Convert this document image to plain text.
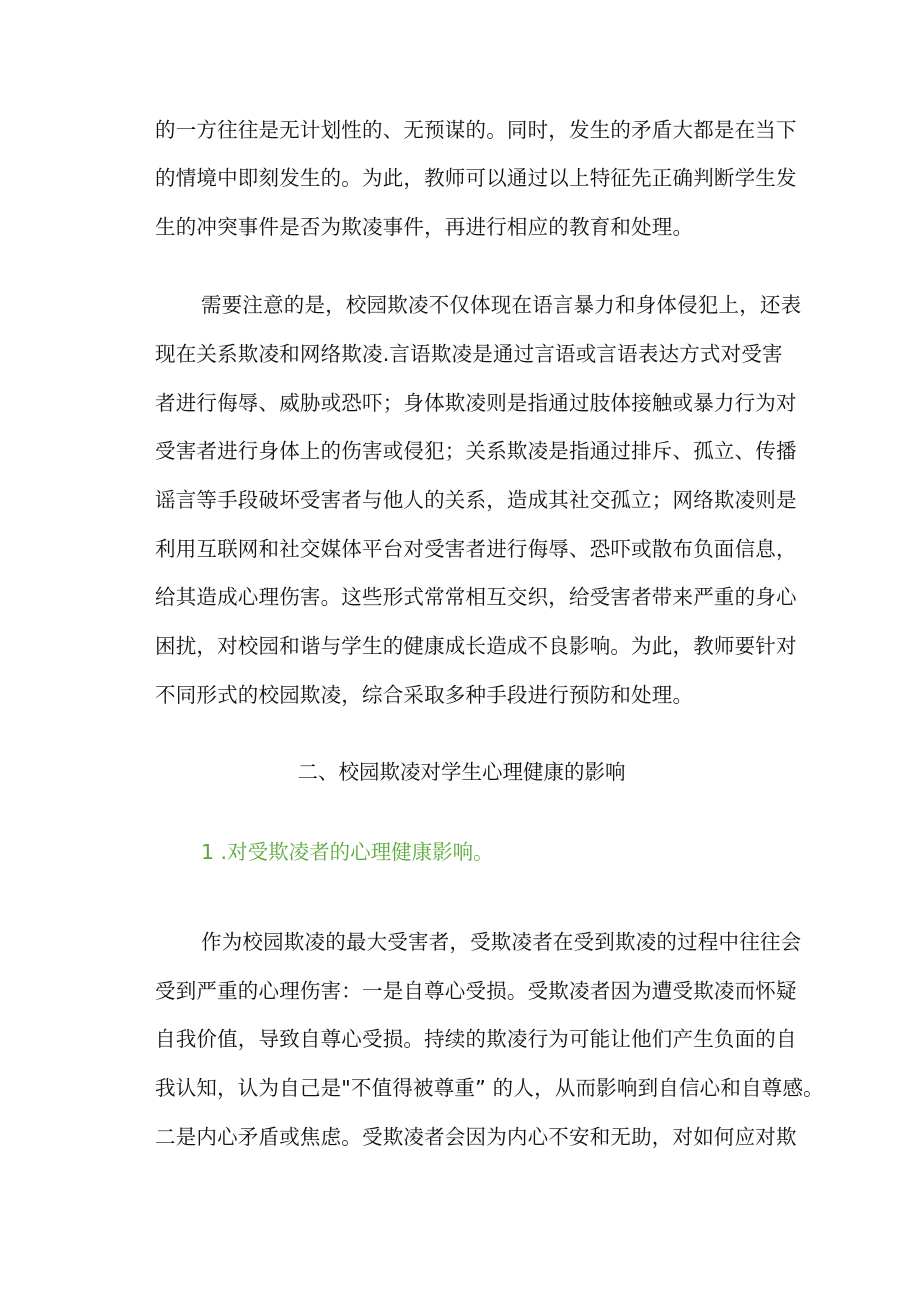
的一方往往是无计划性的、无预谋的。同时，发生的矛盾大都是在当下
的情境中即刻发生的。为此，教师可以通过以上特征先正确判断学生发
生的冲突事件是否为欺凌事件，再进行相应的教育和处理。
需要注意的是，校园欺凌不仅体现在语言暴力和身体侵犯上，还表
现在关系欺凌和网络欺凌.言语欺凌是通过言语或言语表达方式对受害
者进行侮辱、威胁或恐吓；身体欺凌则是指通过肢体接触或暴力行为对
受害者进行身体上的伤害或侵犯；关系欺凌是指通过排斥、孤立、传播
谣言等手段破坏受害者与他人的关系，造成其社交孤立；网络欺凌则是
利用互联网和社交媒体平台对受害者进行侮辱、恐吓或散布负面信息，
给其造成心理伤害。这些形式常常相互交织，给受害者带来严重的身心
困扰，对校园和谐与学生的健康成长造成不良影响。为此，教师要针对
不同形式的校园欺凌，综合采取多种手段进行预防和处理。
二、校园欺凌对学生心理健康的影响
1 .对受欺凌者的心理健康影响。
作为校园欺凌的最大受害者，受欺凌者在受到欺凌的过程中往往会
受到严重的心理伤害：一是自尊心受损。受欺凌者因为遭受欺凌而怀疑
自我价值，导致自尊心受损。持续的欺凌行为可能让他们产生负面的自
我认知，认为自己是"不值得被尊重” 的人，从而影响到自信心和自尊感。
二是内心矛盾或焦虑。受欺凌者会因为内心不安和无助，对如何应对欺
